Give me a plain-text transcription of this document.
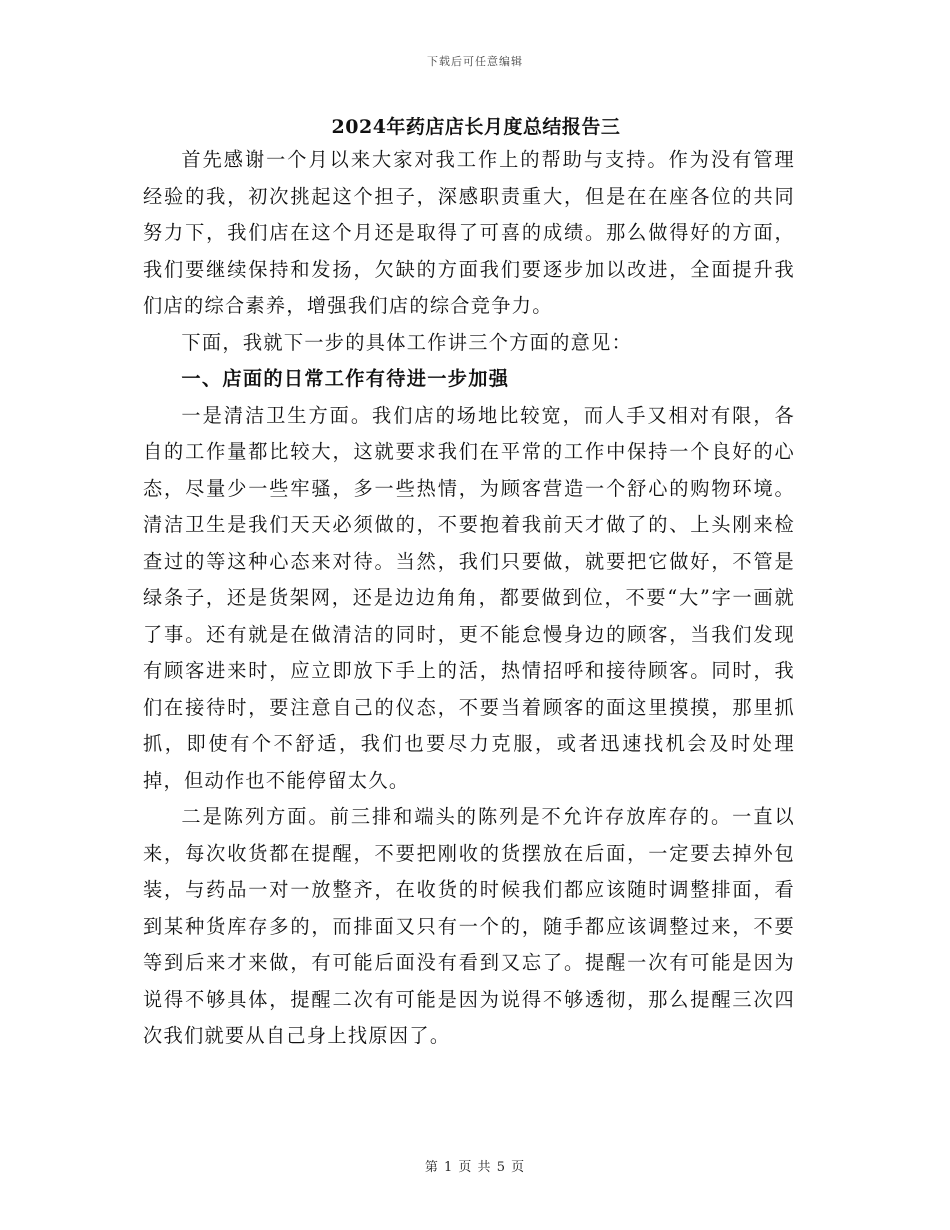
下载后可任意编辑
2024年药店店长月度总结报告三

首先感谢一个月以来大家对我工作上的帮助与支持。作为没有管理经验的我，初次挑起这个担子，深感职责重大，但是在在座各位的共同努力下，我们店在这个月还是取得了可喜的成绩。那么做得好的方面，我们要继续保持和发扬，欠缺的方面我们要逐步加以改进，全面提升我们店的综合素养，增强我们店的综合竞争力。

下面，我就下一步的具体工作讲三个方面的意见：

一、店面的日常工作有待进一步加强

一是清洁卫生方面。我们店的场地比较宽，而人手又相对有限，各自的工作量都比较大，这就要求我们在平常的工作中保持一个良好的心态，尽量少一些牢骚，多一些热情，为顾客营造一个舒心的购物环境。清洁卫生是我们天天必须做的，不要抱着我前天才做了的、上头刚来检查过的等这种心态来对待。当然，我们只要做，就要把它做好，不管是绿条子，还是货架网，还是边边角角，都要做到位，不要“大”字一画就了事。还有就是在做清洁的同时，更不能怠慢身边的顾客，当我们发现有顾客进来时，应立即放下手上的活，热情招呼和接待顾客。同时，我们在接待时，要注意自己的仪态，不要当着顾客的面这里摸摸，那里抓抓，即使有个不舒适，我们也要尽力克服，或者迅速找机会及时处理掉，但动作也不能停留太久。

二是陈列方面。前三排和端头的陈列是不允许存放库存的。一直以来，每次收货都在提醒，不要把刚收的货摆放在后面，一定要去掉外包装，与药品一对一放整齐，在收货的时候我们都应该随时调整排面，看到某种货库存多的，而排面又只有一个的，随手都应该调整过来，不要等到后来才来做，有可能后面没有看到又忘了。提醒一次有可能是因为说得不够具体，提醒二次有可能是因为说得不够透彻，那么提醒三次四次我们就要从自己身上找原因了。

第 1 页 共 5 页
